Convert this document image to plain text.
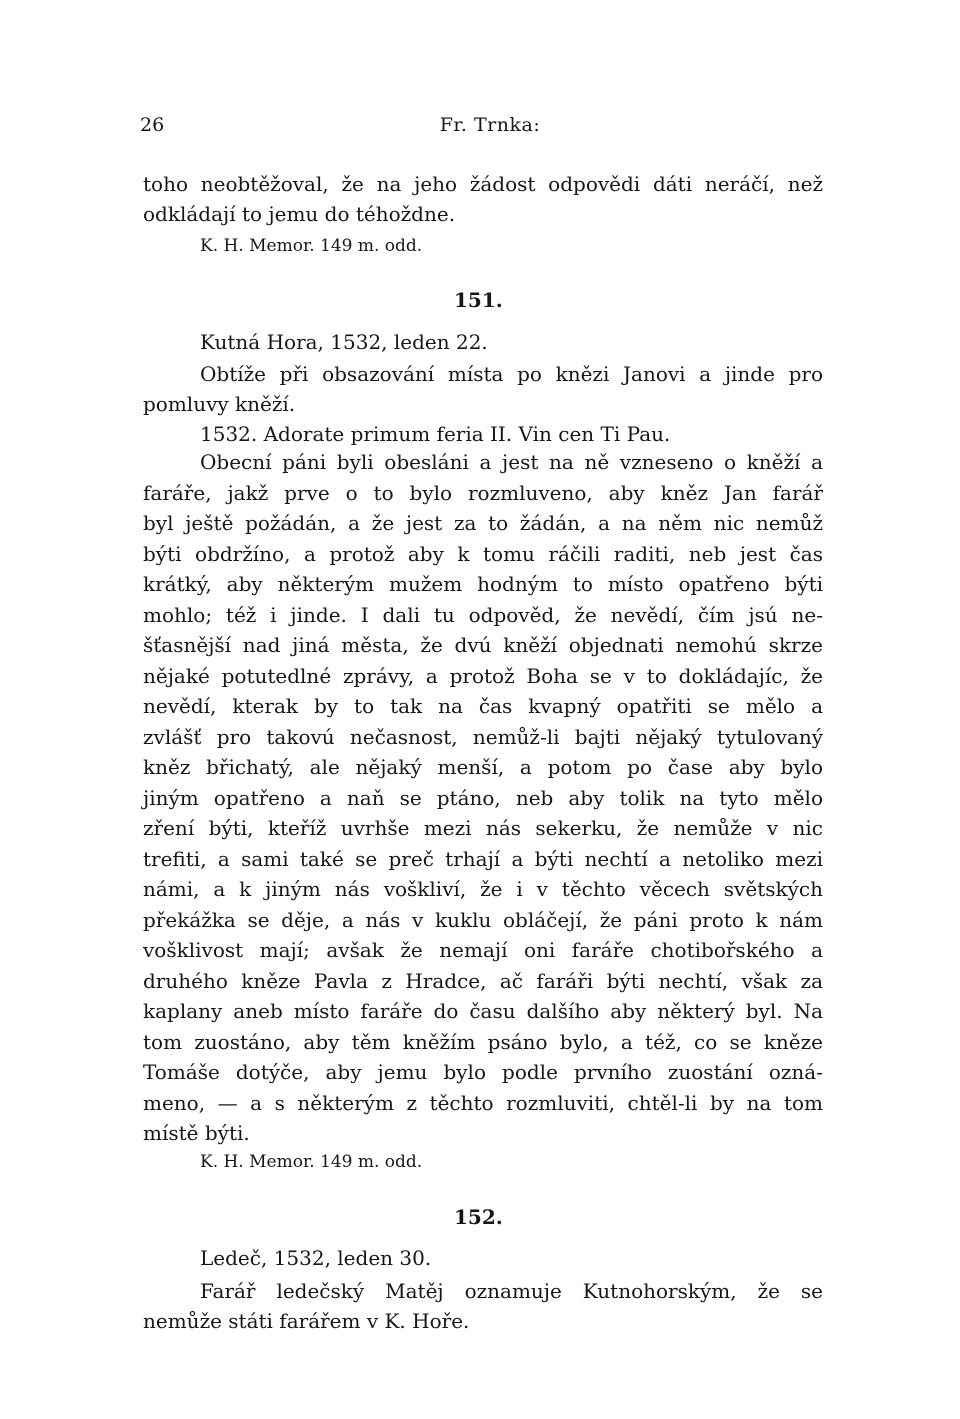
26	Fr. Trnka:
toho neobtěžoval, že na jeho žádost odpovědi dáti neráčí, než
odkládají to jemu do téhoždne.
K. H. Memor. 149 m. odd.
151.
Kutná Hora, 1532, leden 22.
Obtíže při obsazování místa po knězi Janovi a jinde pro
pomluvy kněží.
1532. Adorate primum feria II. Vin cen Ti Pau.
Obecní páni byli obesláni a jest na ně vzneseno o kněží a
faráře, jakž prve o to bylo rozmluveno, aby kněz Jan farář
byl ještě požádán, a že jest za to žádán, a na něm nic nemůž
býti obdržíno, a protož aby k tomu ráčili raditi, neb jest čas
krátký, aby některým mužem hodným to místo opatřeno býti
mohlo; též i jinde. I dali tu odpověd, že nevědí, čím jsú ne-
šťasnější nad jiná města, že dvú kněží objednati nemohú skrze
nějaké potutedlné zprávy, a protož Boha se v to dokládajíc, že
nevědí, kterak by to tak na čas kvapný opatřiti se mělo a
zvlášť pro takovú nečasnost, nemůž-li bajti nějaký tytulovaný
kněz břichatý, ale nějaký menší, a potom po čase aby bylo
jiným opatřeno a naň se ptáno, neb aby tolik na tyto mělo
zření býti, kteříž uvrhše mezi nás sekerku, že nemůže v nic
trefiti, a sami také se preč trhají a býti nechtí a netoliko mezi
námi, a k jiným nás voškliví, že i v těchto věcech světských
překážka se děje, a nás v kuklu obláčejí, že páni proto k nám
vošklivost mají; avšak že nemají oni faráře chotibořského a
druhého kněze Pavla z Hradce, ač faráři býti nechtí, však za
kaplany aneb místo faráře do času dalšího aby některý byl. Na
tom zuostáno, aby těm kněžím psáno bylo, a též, co se kněze
Tomáše dotýče, aby jemu bylo podle prvního zuostání ozná-
meno, — a s některým z těchto rozmluviti, chtěl-li by na tom
místě býti.
K. H. Memor. 149 m. odd.
152.
Ledeč, 1532, leden 30.
Farář ledečský Matěj oznamuje Kutnohorským, že se
nemůže státi farářem v K. Hoře.
